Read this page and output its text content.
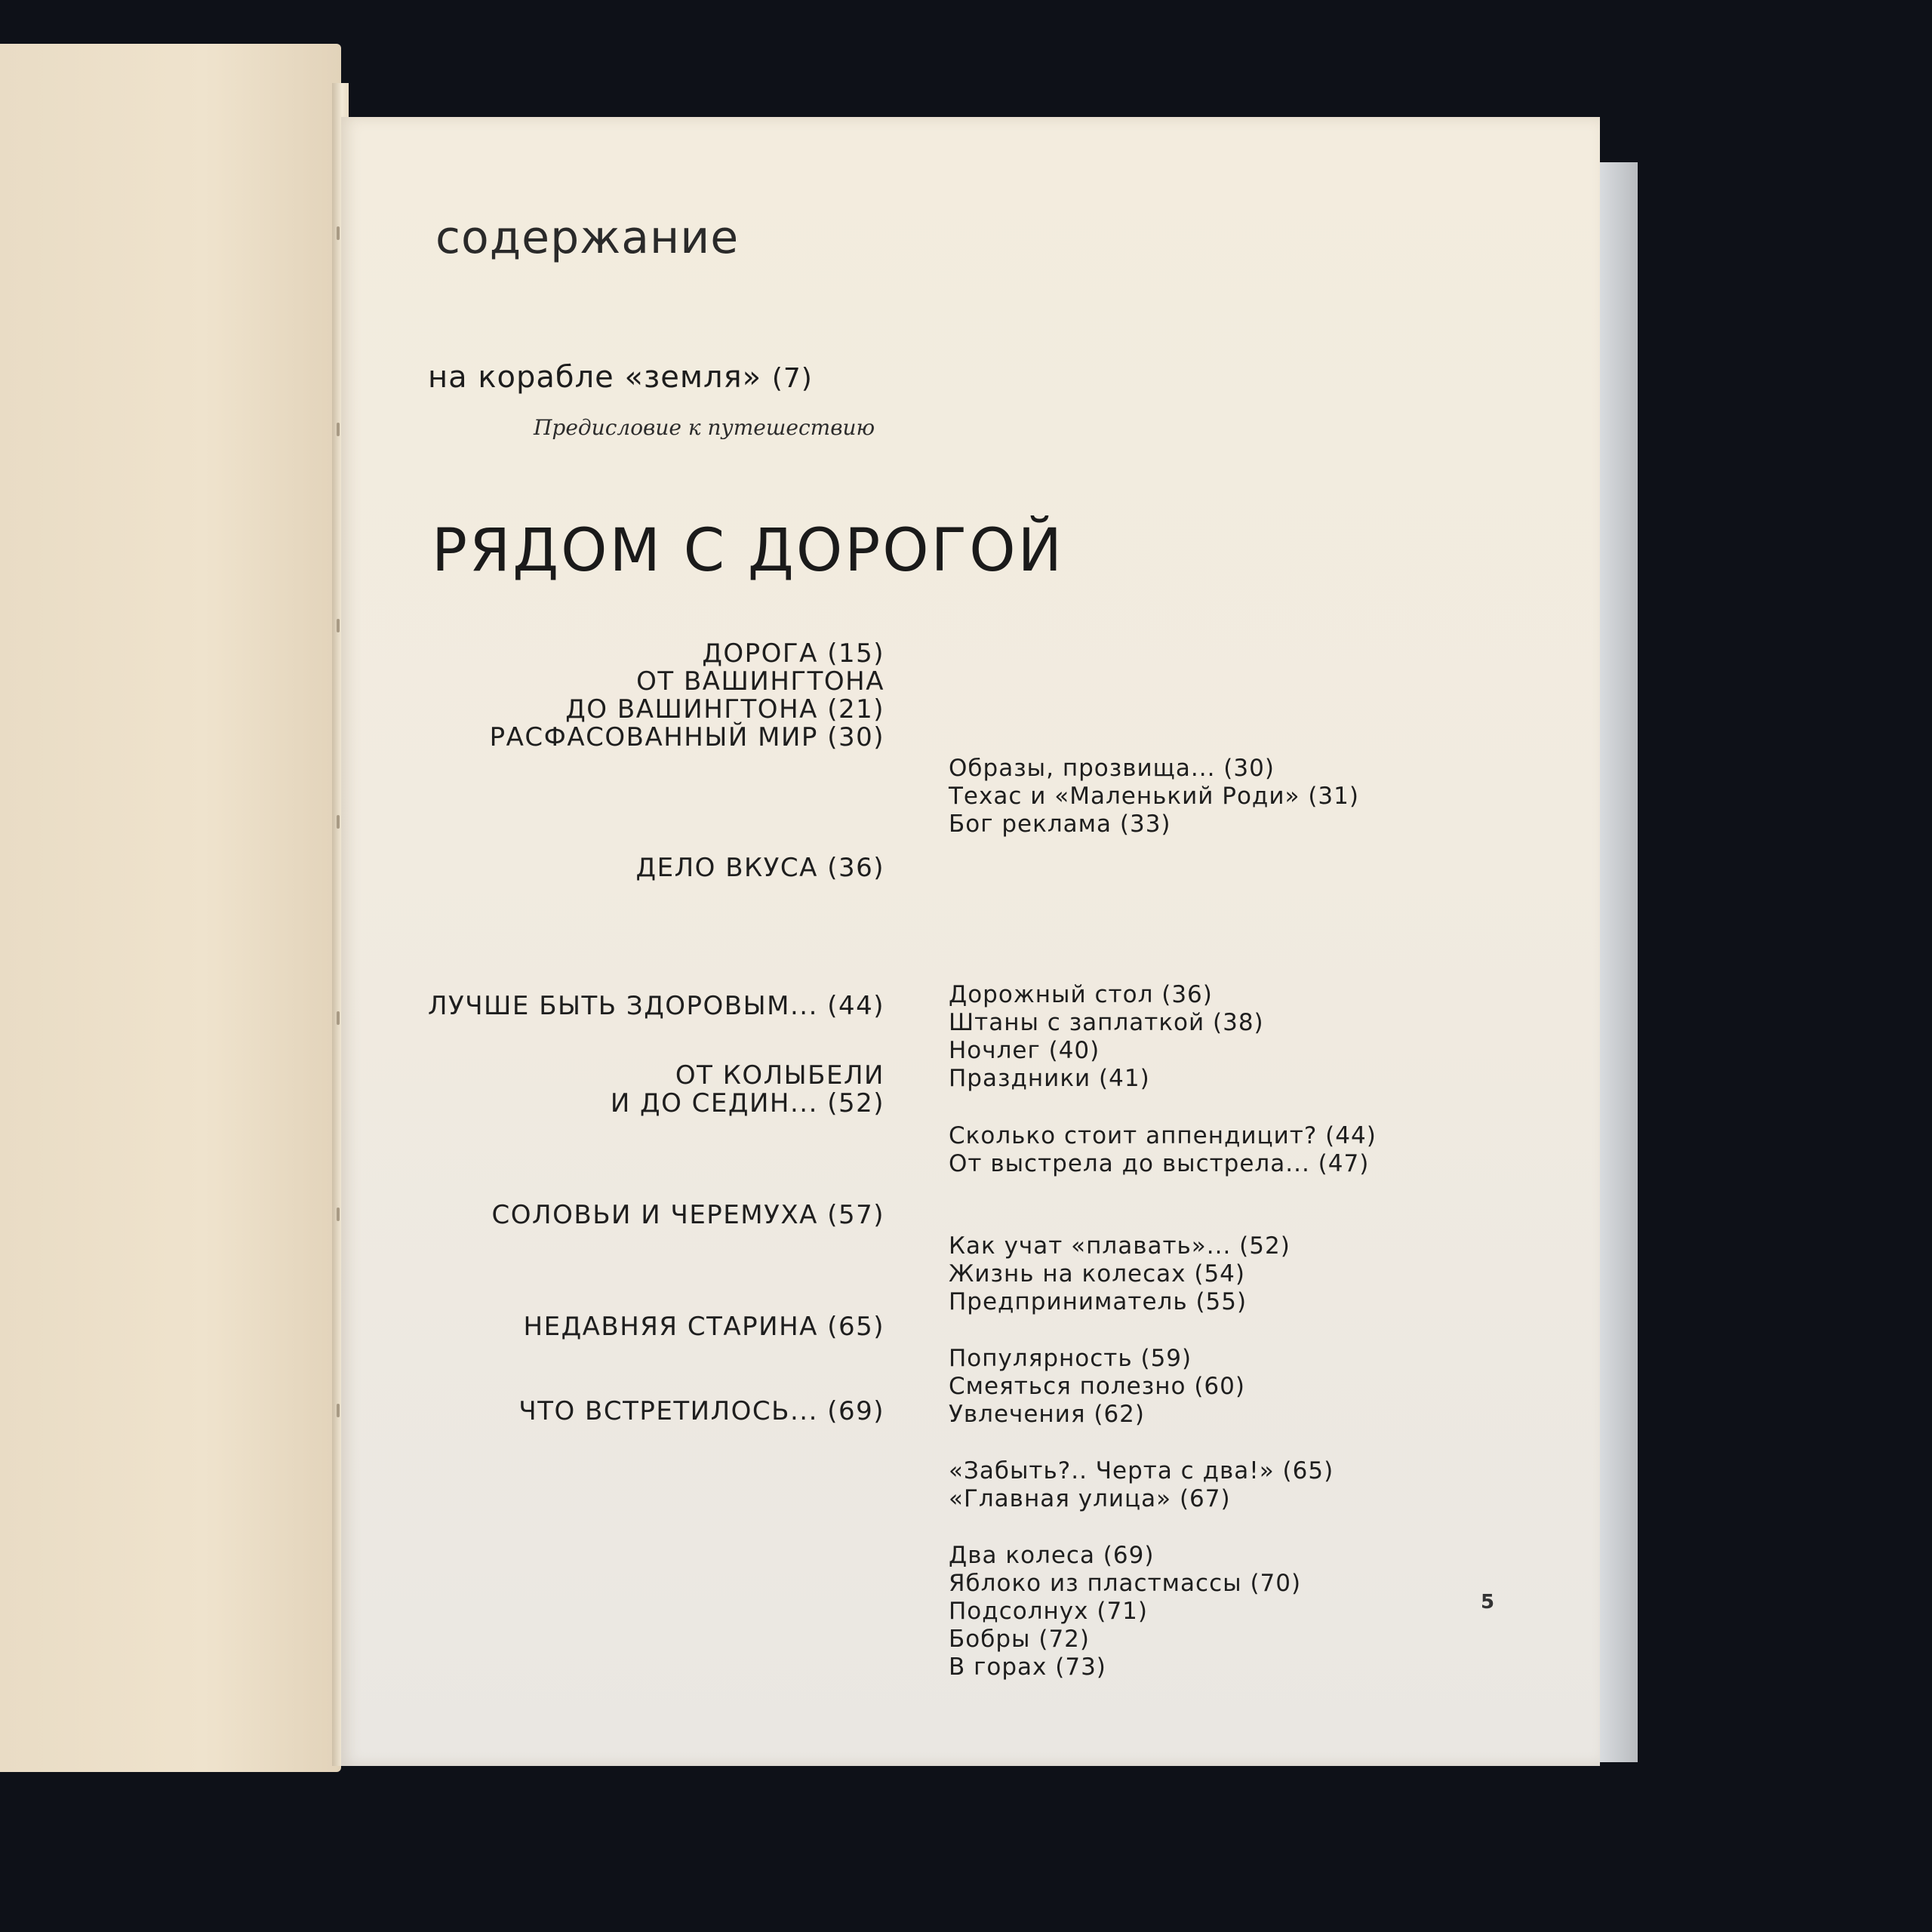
содержание
на корабле «земля» (7)
Предисловие к путешествию
РЯДОМ С ДОРОГОЙ
ДОРОГА (15)
ОТ ВАШИНГТОНА
ДО ВАШИНГТОНА (21)
РАСФАСОВАННЫЙ МИР (30)
ДЕЛО ВКУСА (36)
ЛУЧШЕ БЫТЬ ЗДОРОВЫМ... (44)
ОТ КОЛЫБЕЛИ
И ДО СЕДИН... (52)
СОЛОВЬИ И ЧЕРЕМУХА (57)
НЕДАВНЯЯ СТАРИНА (65)
ЧТО ВСТРЕТИЛОСЬ... (69)
Образы, прозвища... (30)
Техас и «Маленький Роди» (31)
Бог реклама (33)
Дорожный стол (36)
Штаны с заплаткой (38)
Ночлег (40)
Праздники (41)
Сколько стоит аппендицит? (44)
От выстрела до выстрела... (47)
Как учат «плавать»... (52)
Жизнь на колесах (54)
Предприниматель (55)
Популярность (59)
Смеяться полезно (60)
Увлечения (62)
«Забыть?.. Черта с два!» (65)
«Главная улица» (67)
Два колеса (69)
Яблоко из пластмассы (70)
Подсолнух (71)
Бобры (72)
В горах (73)
5
